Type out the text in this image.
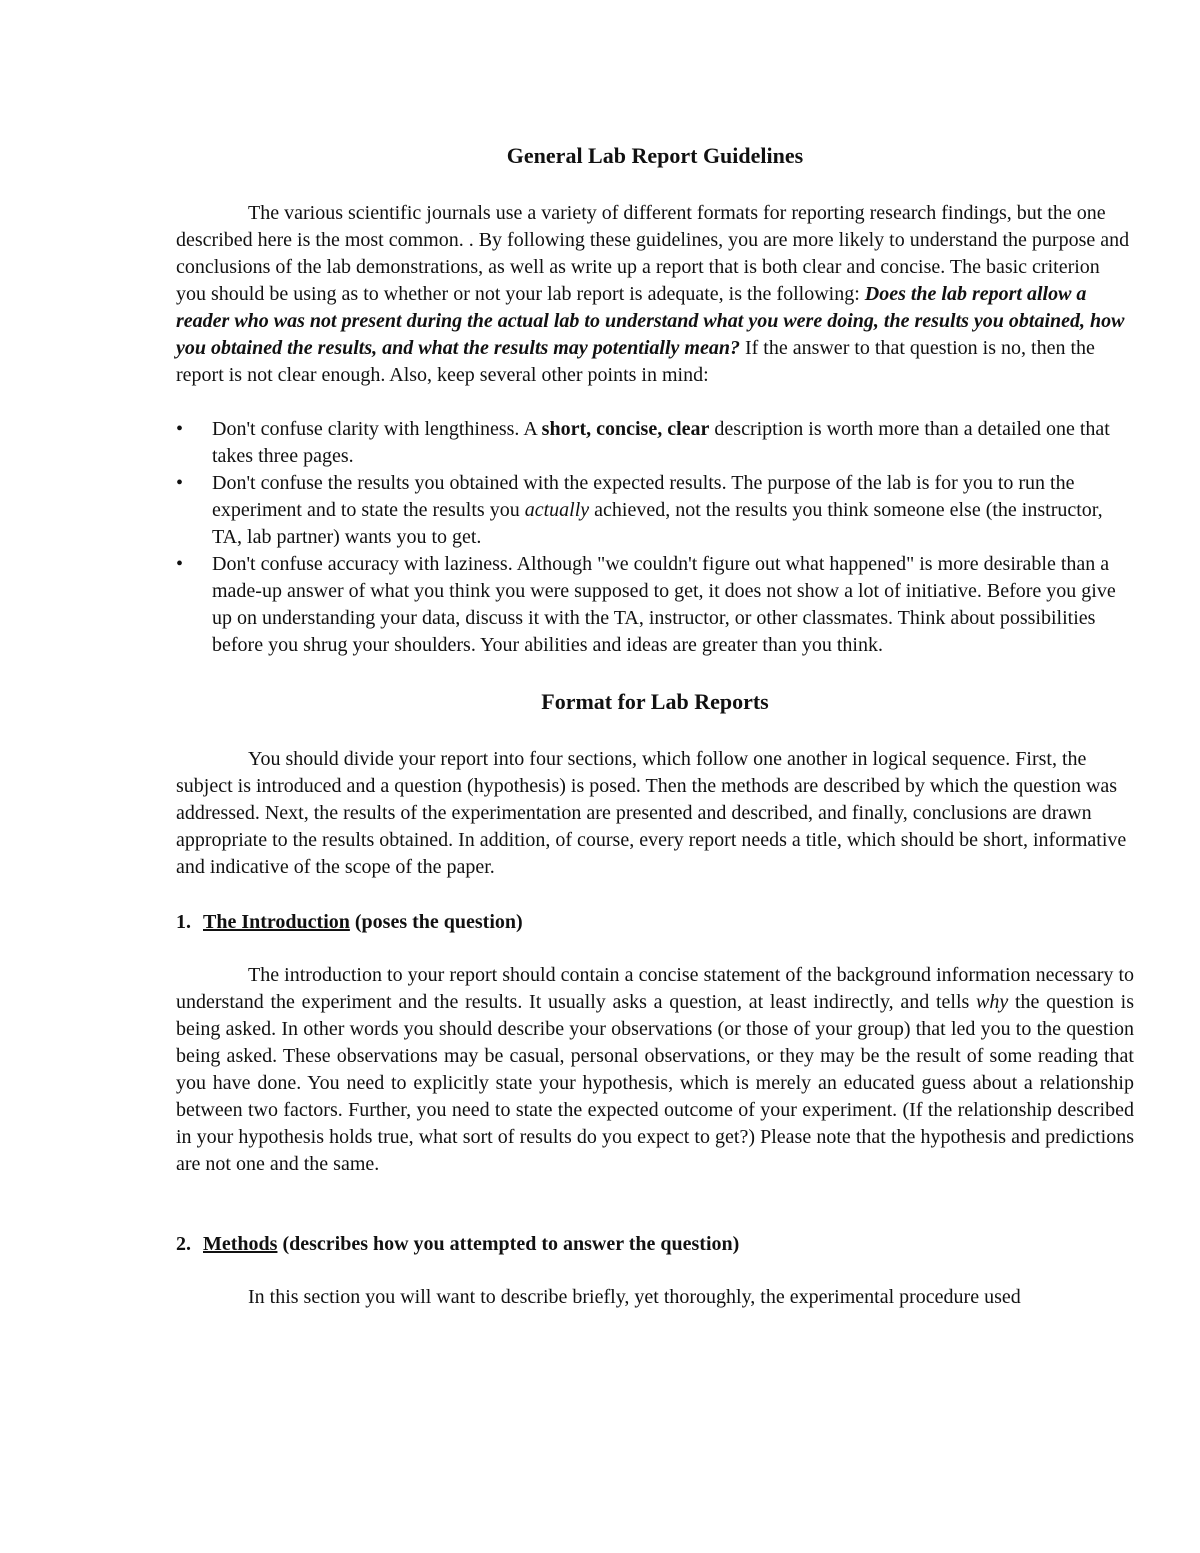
General Lab Report Guidelines

The various scientific journals use a variety of different formats for reporting research findings, but the one described here is the most common. . By following these guidelines, you are more likely to understand the purpose and conclusions of the lab demonstrations, as well as write up a report that is both clear and concise. The basic criterion you should be using as to whether or not your lab report is adequate, is the following: Does the lab report allow a reader who was not present during the actual lab to understand what you were doing, the results you obtained, how you obtained the results, and what the results may potentially mean? If the answer to that question is no, then the report is not clear enough. Also, keep several other points in mind:

• Don't confuse clarity with lengthiness. A short, concise, clear description is worth more than a detailed one that takes three pages.
• Don't confuse the results you obtained with the expected results. The purpose of the lab is for you to run the experiment and to state the results you actually achieved, not the results you think someone else (the instructor, TA, lab partner) wants you to get.
• Don't confuse accuracy with laziness. Although "we couldn't figure out what happened" is more desirable than a made-up answer of what you think you were supposed to get, it does not show a lot of initiative. Before you give up on understanding your data, discuss it with the TA, instructor, or other classmates. Think about possibilities before you shrug your shoulders. Your abilities and ideas are greater than you think.
Format for Lab Reports

You should divide your report into four sections, which follow one another in logical sequence. First, the subject is introduced and a question (hypothesis) is posed. Then the methods are described by which the question was addressed. Next, the results of the experimentation are presented and described, and finally, conclusions are drawn appropriate to the results obtained. In addition, of course, every report needs a title, which should be short, informative and indicative of the scope of the paper.

1. The Introduction (poses the question)

The introduction to your report should contain a concise statement of the background information necessary to understand the experiment and the results. It usually asks a question, at least indirectly, and tells why the question is being asked. In other words you should describe your observations (or those of your group) that led you to the question being asked. These observations may be casual, personal observations, or they may be the result of some reading that you have done. You need to explicitly state your hypothesis, which is merely an educated guess about a relationship between two factors. Further, you need to state the expected outcome of your experiment. (If the relationship described in your hypothesis holds true, what sort of results do you expect to get?) Please note that the hypothesis and predictions are not one and the same.

2. Methods (describes how you attempted to answer the question)

In this section you will want to describe briefly, yet thoroughly, the experimental procedure used
